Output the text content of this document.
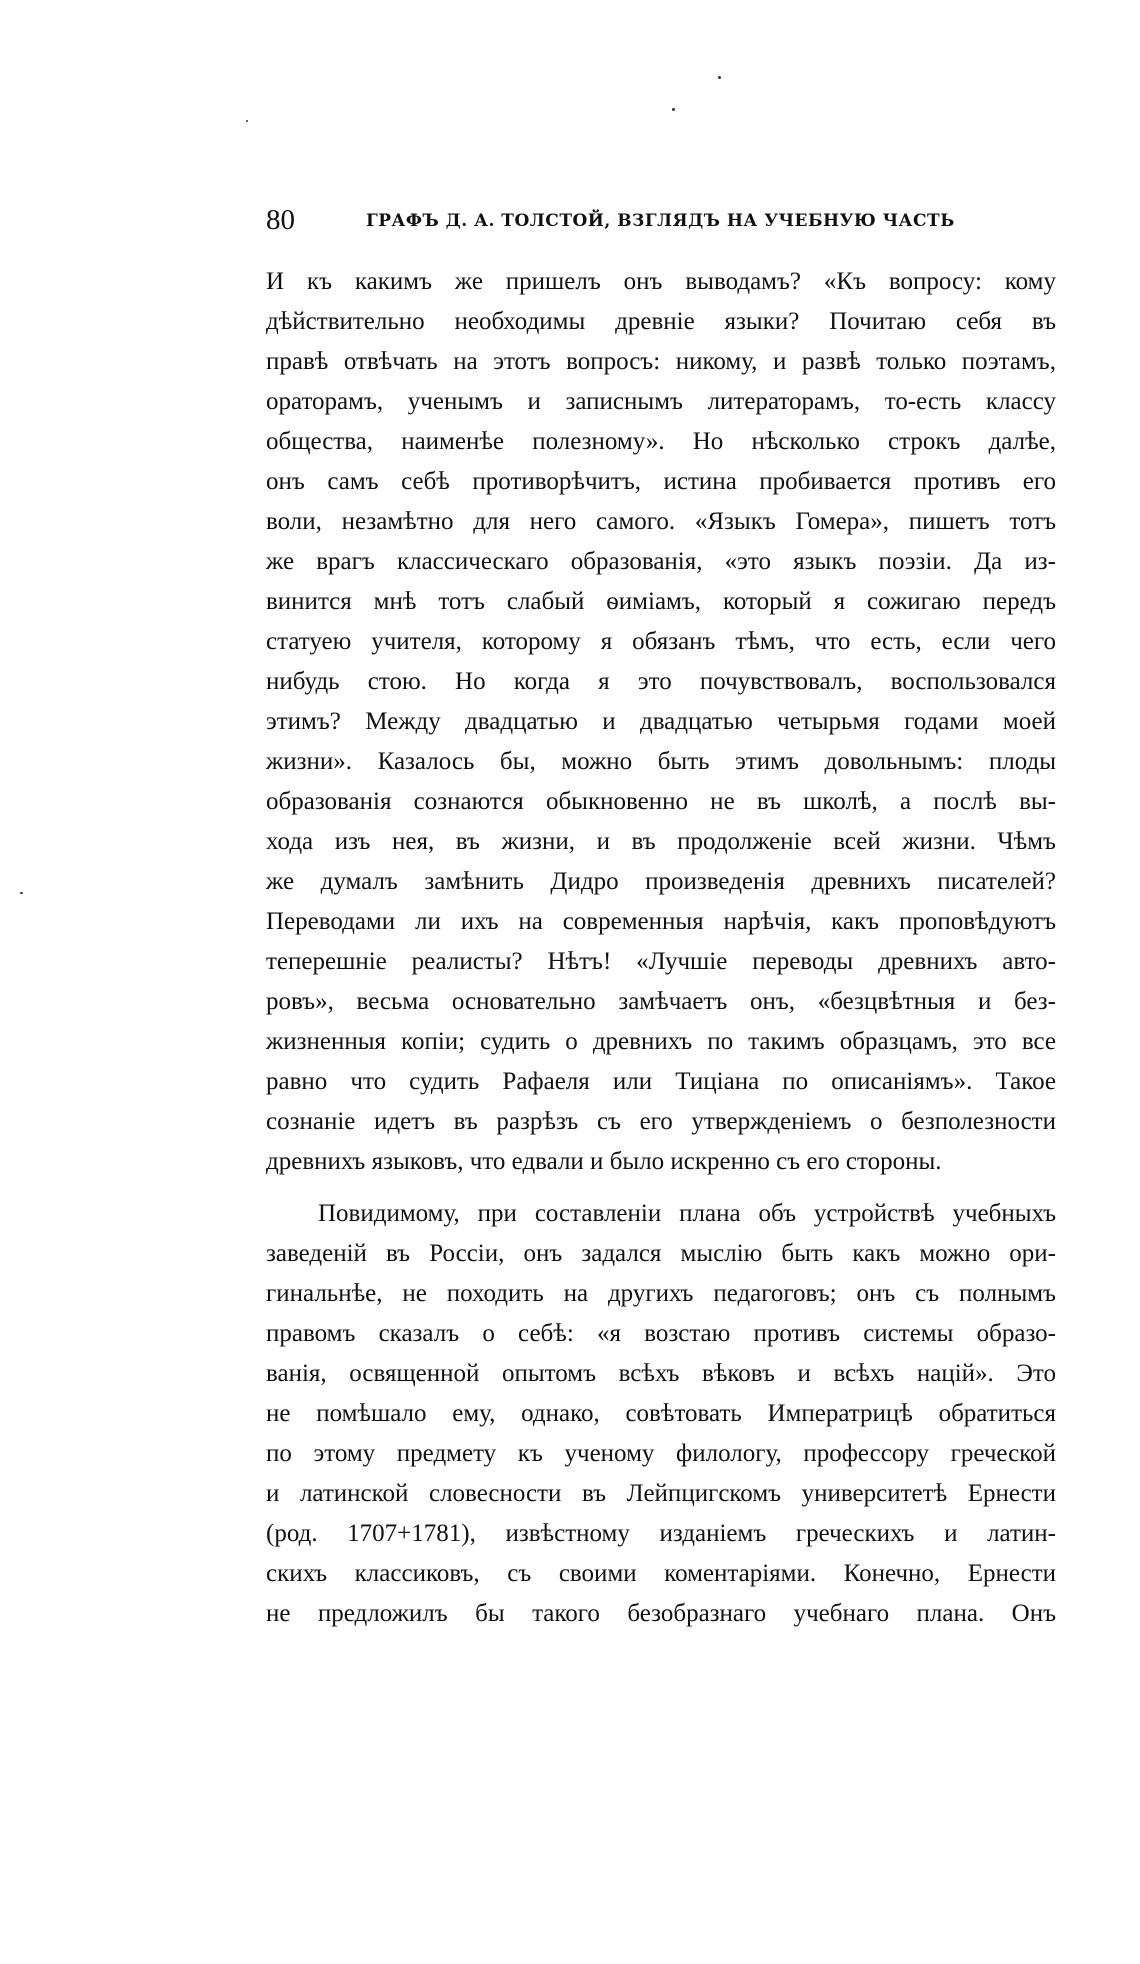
80	ГРАФЪ Д. А. ТОЛСТОЙ, ВЗГЛЯДЪ НА УЧЕБНУЮ ЧАСТЬ
И къ какимъ же пришелъ онъ выводамъ? «Къ вопросу: кому
дѣйствительно необходимы древніе языки? Почитаю себя въ
правѣ отвѣчать на этотъ вопросъ: никому, и развѣ только поэтамъ,
ораторамъ, ученымъ и записнымъ литераторамъ, то-есть классу
общества, наименѣе полезному». Но нѣсколько строкъ далѣе,
онъ самъ себѣ противорѣчитъ, истина пробивается противъ его
воли, незамѣтно для него самого. «Языкъ Гомера», пишетъ тотъ
же врагъ классическаго образованія, «это языкъ поэзіи. Да из-
винится мнѣ тотъ слабый ѳиміамъ, который я сожигаю передъ
статуею учителя, которому я обязанъ тѣмъ, что есть, если чего
нибудь стою. Но когда я это почувствовалъ, воспользовался
этимъ? Между двадцатью и двадцатью четырьмя годами моей
жизни». Казалось бы, можно быть этимъ довольнымъ: плоды
образованія сознаются обыкновенно не въ школѣ, а послѣ вы-
хода изъ нея, въ жизни, и въ продолженіе всей жизни. Чѣмъ
же думалъ замѣнить Дидро произведенія древнихъ писателей?
Переводами ли ихъ на современныя нарѣчія, какъ проповѣдуютъ
теперешніе реалисты? Нѣтъ! «Лучшіе переводы древнихъ авто-
ровъ», весьма основательно замѣчаетъ онъ, «безцвѣтныя и без-
жизненныя копіи; судить о древнихъ по такимъ образцамъ, это все
равно что судить Рафаеля или Тиціана по описаніямъ». Такое
сознаніе идетъ въ разрѣзъ съ его утвержденіемъ о безполезности
древнихъ языковъ, что едвали и было искренно съ его стороны.
Повидимому, при составленіи плана объ устройствѣ учебныхъ
заведеній въ Россіи, онъ задался мыслію быть какъ можно ори-
гинальнѣе, не походить на другихъ педагоговъ; онъ съ полнымъ
правомъ сказалъ о себѣ: «я возстаю противъ системы образо-
ванія, освященной опытомъ всѣхъ вѣковъ и всѣхъ націй». Это
не помѣшало ему, однако, совѣтовать Императрицѣ обратиться
по этому предмету къ ученому филологу, профессору греческой
и латинской словесности въ Лейпцигскомъ университетѣ Ернести
(род. 1707+1781), извѣстному изданіемъ греческихъ и латин-
скихъ классиковъ, съ своими коментаріями. Конечно, Ернести
не предложилъ бы такого безобразнаго учебнаго плана. Онъ
